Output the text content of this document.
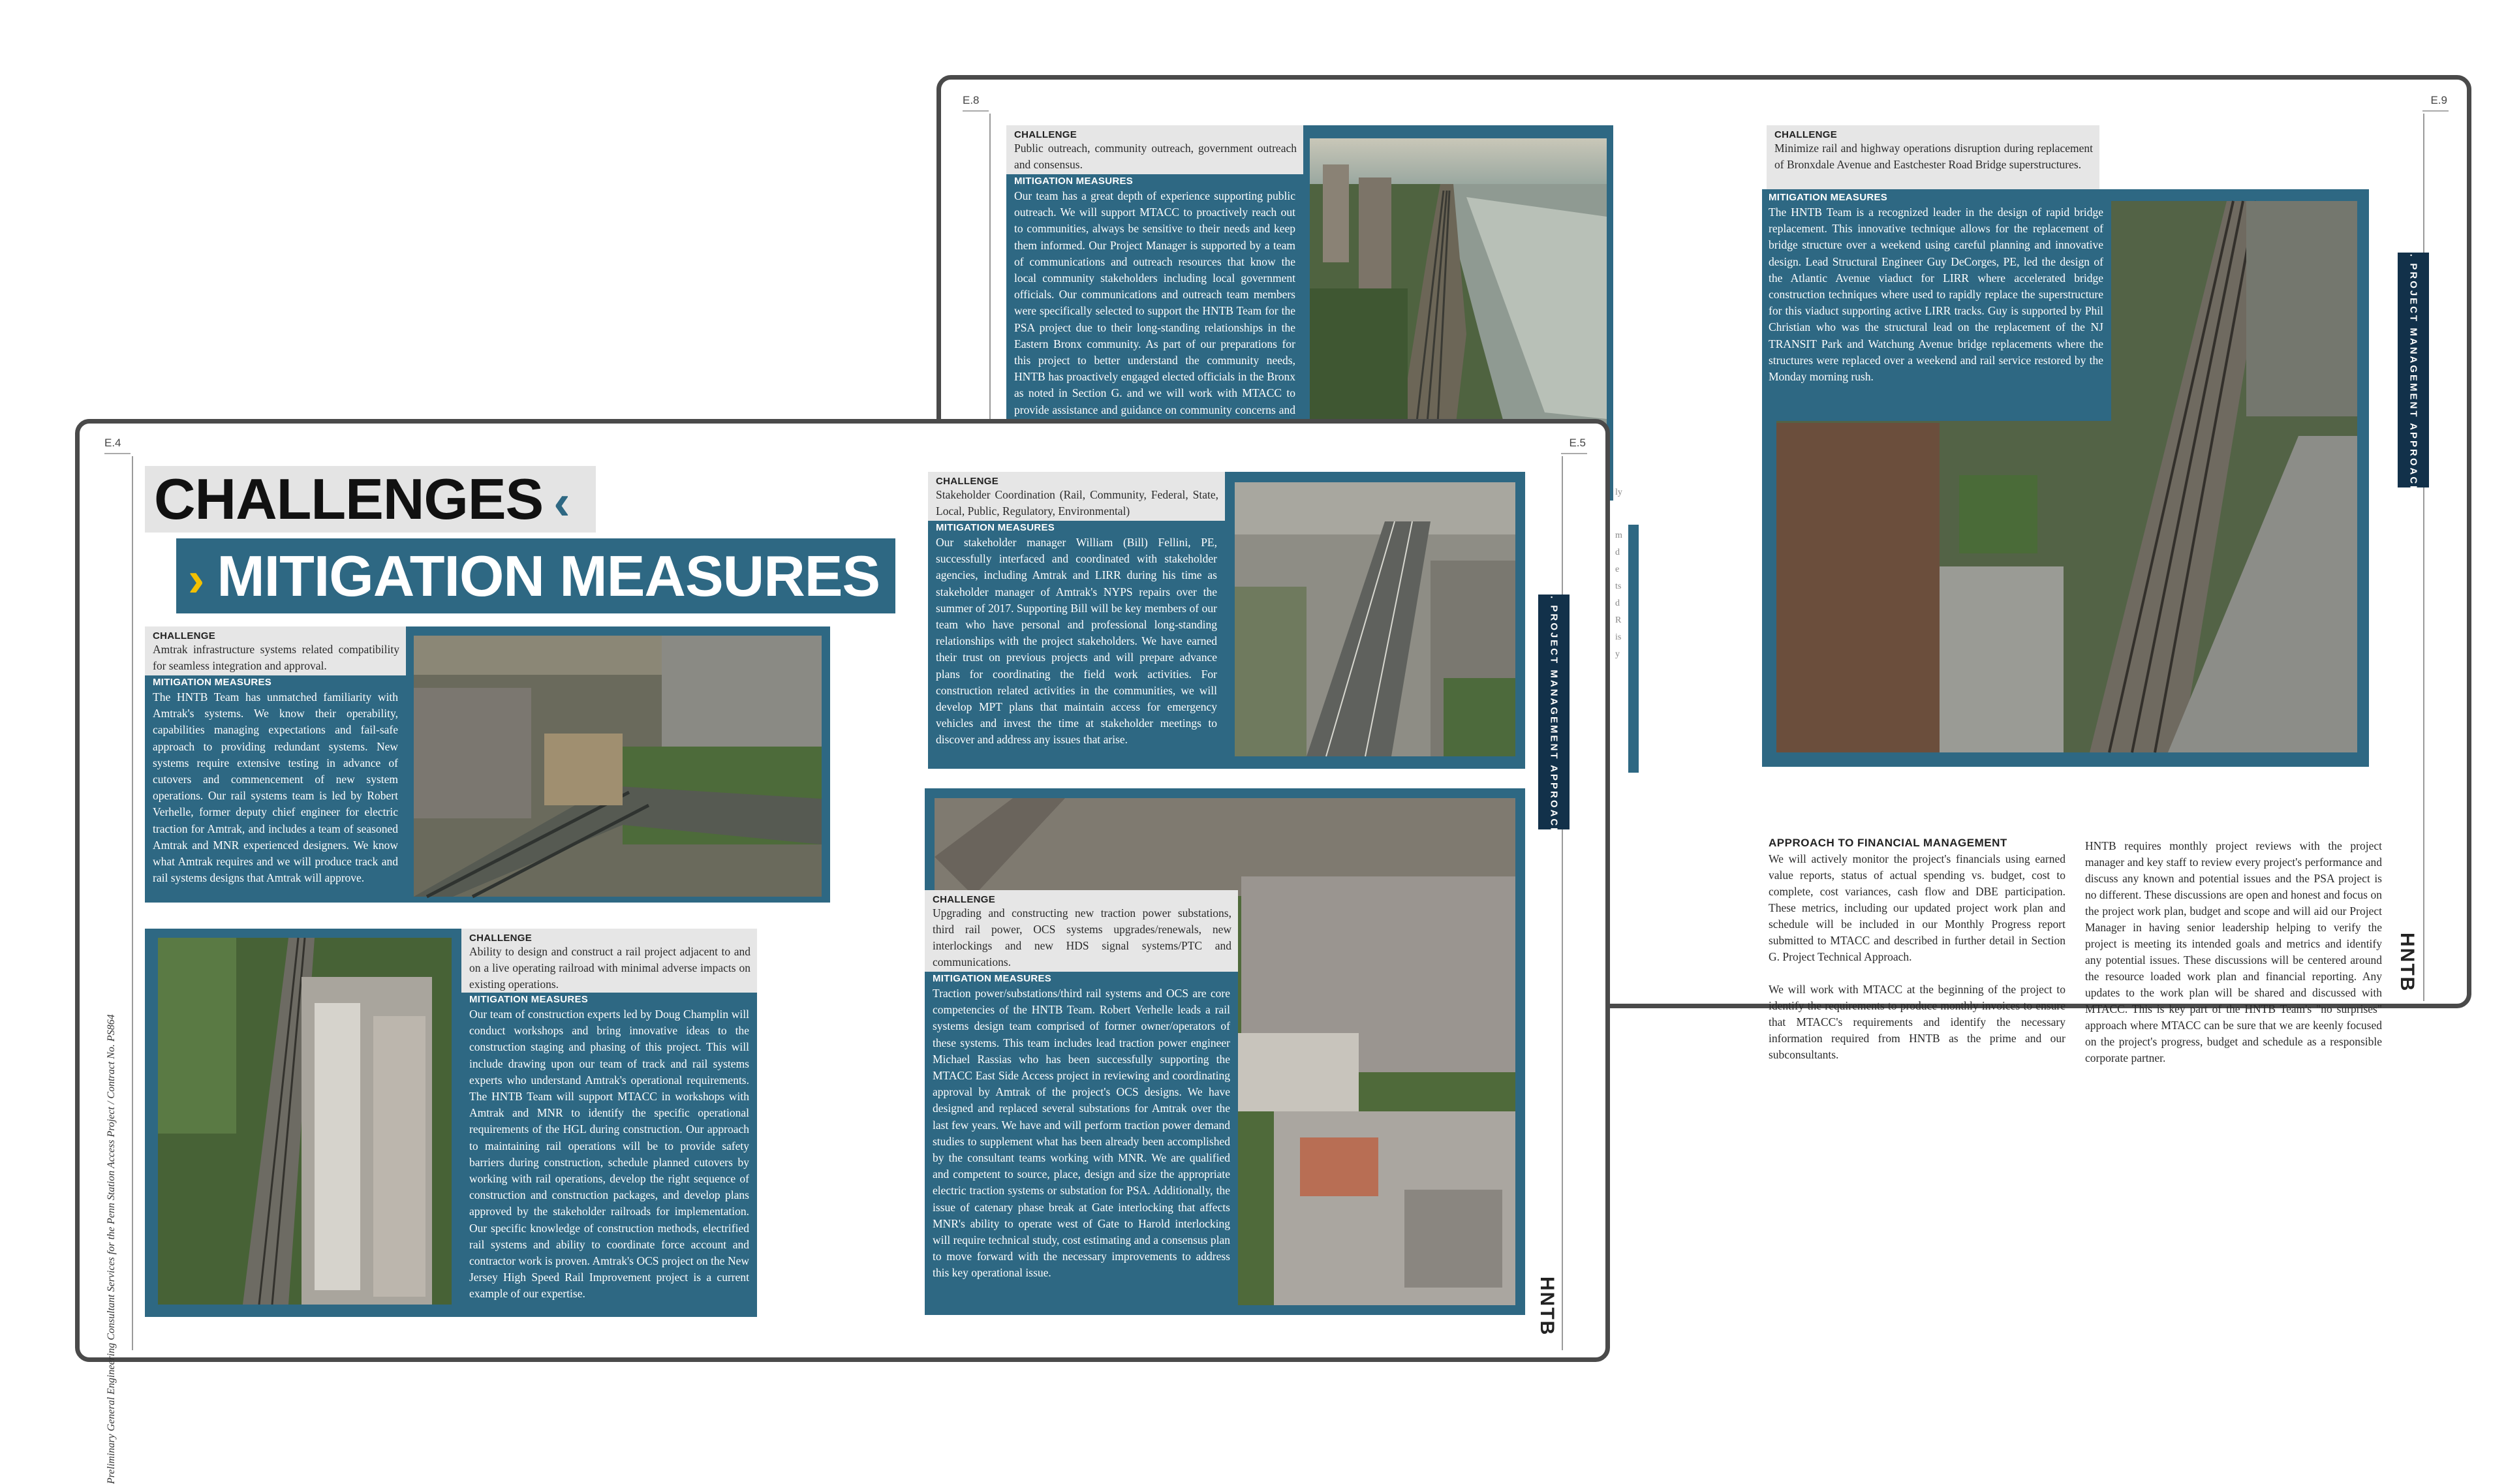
E.8	E.9
CHALLENGE
Public outreach, community outreach, government outreach and consensus.
MITIGATION MEASURES
Our team has a great depth of experience supporting public outreach. We will support MTACC to proactively reach out to communities, always be sensitive to their needs and keep them informed. Our Project Manager is supported by a team of communications and outreach resources that know the local community stakeholders including local government officials. Our communications and outreach team members were specifically selected to support the HNTB Team for the PSA project due to their long-standing relationships in the Eastern Bronx community. As part of our preparations for this project to better understand the community needs, HNTB has proactively engaged elected officials in the Bronx as noted in Section G. and we will work with MTACC to provide assistance and guidance on community concerns and
CHALLENGE
Minimize rail and highway operations disruption during replacement of Bronxdale Avenue and Eastchester Road Bridge superstructures.
MITIGATION MEASURES
The HNTB Team is a recognized leader in the design of rapid bridge replacement. This innovative technique allows for the replacement of bridge structure over a weekend using careful planning and innovative design. Lead Structural Engineer Guy DeCorges, PE, led the design of the Atlantic Avenue viaduct for LIRR where accelerated bridge construction techniques where used to rapidly replace the superstructure for this viaduct supporting active LIRR tracks. Guy is supported by Phil Christian who was the structural lead on the replacement of the NJ TRANSIT Park and Watchung Avenue bridge replacements where the structures were replaced over a weekend and rail service restored by the Monday morning rush.
APPROACH TO FINANCIAL MANAGEMENT
We will actively monitor the project's financials using earned value reports, status of actual spending vs. budget, cost to complete, cost variances, cash flow and DBE participation. These metrics, including our updated project work plan and schedule will be included in our Monthly Progress report submitted to MTACC and described in further detail in Section G. Project Technical Approach.
We will work with MTACC at the beginning of the project to identify the requirements to produce monthly invoices to ensure that MTACC's requirements and identify the necessary information required from HNTB as the prime and our subconsultants.
HNTB requires monthly project reviews with the project manager and key staff to review every project's performance and discuss any known and potential issues and the PSA project is no different. These discussions are open and honest and focus on the project work plan, budget and scope and will aid our Project Manager in having senior leadership helping to verify the project is meeting its intended goals and metrics and identify any potential issues. These discussions will be centered around the resource loaded work plan and financial reporting. Any updates to the work plan will be shared and discussed with MTACC. This is key part of the HNTB Team's "no surprises" approach where MTACC can be sure that we are keenly focused on the project's progress, budget and schedule as a responsible corporate partner.
E. PROJECT MANAGEMENT APPROACH
HNTB
ly
m
d
e
ts
d
R
is
y
E.4	E.5
Preliminary General Engineering Consultant Services for the Penn Station Access Project / Contract No. PS864
CHALLENGES ‹
› MITIGATION MEASURES
CHALLENGE
Amtrak infrastructure systems related compatibility for seamless integration and approval.
MITIGATION MEASURES
The HNTB Team has unmatched familiarity with Amtrak's systems. We know their operability, capabilities managing expectations and fail-safe approach to providing redundant systems. New systems require extensive testing in advance of cutovers and commencement of new system operations. Our rail systems team is led by Robert Verhelle, former deputy chief engineer for electric traction for Amtrak, and includes a team of seasoned Amtrak and MNR experienced designers. We know what Amtrak requires and we will produce track and rail systems designs that Amtrak will approve.
CHALLENGE
Ability to design and construct a rail project adjacent to and on a live operating railroad with minimal adverse impacts on existing operations.
MITIGATION MEASURES
Our team of construction experts led by Doug Champlin will conduct workshops and bring innovative ideas to the construction staging and phasing of this project. This will include drawing upon our team of track and rail systems experts who understand Amtrak's operational requirements. The HNTB Team will support MTACC in workshops with Amtrak and MNR to identify the specific operational requirements of the HGL during construction. Our approach to maintaining rail operations will be to provide safety barriers during construction, schedule planned cutovers by working with rail operations, develop the right sequence of construction and construction packages, and develop plans approved by the stakeholder railroads for implementation. Our specific knowledge of construction methods, electrified rail systems and ability to coordinate force account and contractor work is proven. Amtrak's OCS project on the New Jersey High Speed Rail Improvement project is a current example of our expertise.
CHALLENGE
Stakeholder Coordination (Rail, Community, Federal, State, Local, Public, Regulatory, Environmental)
MITIGATION MEASURES
Our stakeholder manager William (Bill) Fellini, PE, successfully interfaced and coordinated with stakeholder agencies, including Amtrak and LIRR during his time as stakeholder manager of Amtrak's NYPS repairs over the summer of 2017. Supporting Bill will be key members of our team who have personal and professional long-standing relationships with the project stakeholders. We have earned their trust on previous projects and will prepare advance plans for coordinating the field work activities. For construction related activities in the communities, we will develop MPT plans that maintain access for emergency vehicles and invest the time at stakeholder meetings to discover and address any issues that arise.
CHALLENGE
Upgrading and constructing new traction power substations, third rail power, OCS systems upgrades/renewals, new interlockings and new HDS signal systems/PTC and communications.
MITIGATION MEASURES
Traction power/substations/third rail systems and OCS are core competencies of the HNTB Team. Robert Verhelle leads a rail systems design team comprised of former owner/operators of these systems. This team includes lead traction power engineer Michael Rassias who has been successfully supporting the MTACC East Side Access project in reviewing and coordinating approval by Amtrak of the project's OCS designs. We have designed and replaced several substations for Amtrak over the last few years. We have and will perform traction power demand studies to supplement what has been already been accomplished by the consultant teams working with MNR. We are qualified and competent to source, place, design and size the appropriate electric traction systems or substation for PSA. Additionally, the issue of catenary phase break at Gate interlocking that affects MNR's ability to operate west of Gate to Harold interlocking will require technical study, cost estimating and a consensus plan to move forward with the necessary improvements to address this key operational issue.
E. PROJECT MANAGEMENT APPROACH
HNTB
